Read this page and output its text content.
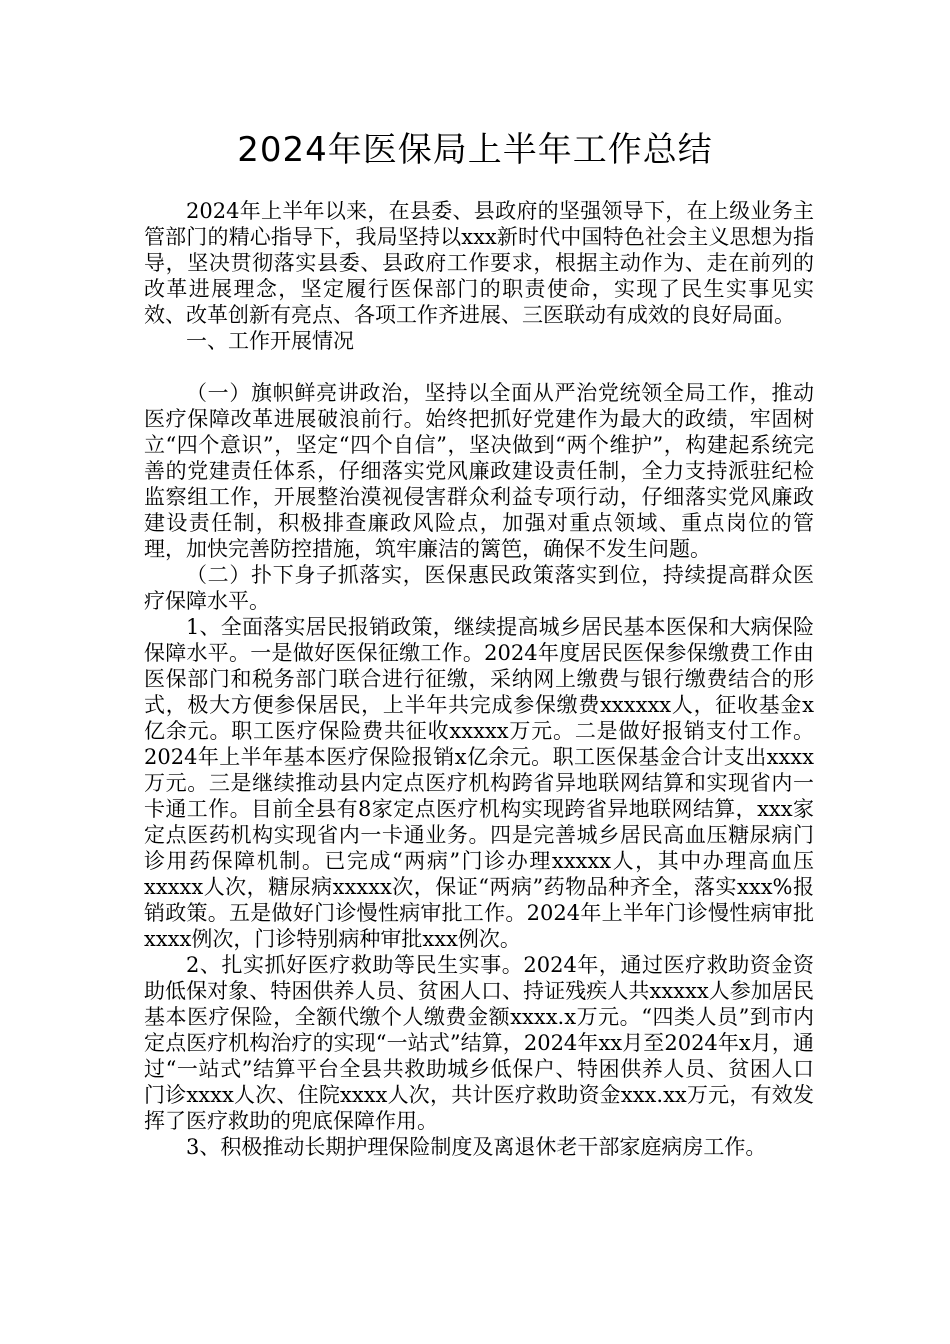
2024年医保局上半年工作总结

2024年上半年以来，在县委、县政府的坚强领导下，在上级业务主管部门的精心指导下，我局坚持以xxx新时代中国特色社会主义思想为指导，坚决贯彻落实县委、县政府工作要求，根据主动作为、走在前列的改革进展理念，坚定履行医保部门的职责使命，实现了民生实事见实效、改革创新有亮点、各项工作齐进展、三医联动有成效的良好局面。

一、工作开展情况

（一）旗帜鲜亮讲政治，坚持以全面从严治党统领全局工作，推动医疗保障改革进展破浪前行。始终把抓好党建作为最大的政绩，牢固树立“四个意识”，坚定“四个自信”，坚决做到“两个维护”，构建起系统完善的党建责任体系，仔细落实党风廉政建设责任制，全力支持派驻纪检监察组工作，开展整治漠视侵害群众利益专项行动，仔细落实党风廉政建设责任制，积极排查廉政风险点，加强对重点领域、重点岗位的管理，加快完善防控措施，筑牢廉洁的篱笆，确保不发生问题。

（二）扑下身子抓落实，医保惠民政策落实到位，持续提高群众医疗保障水平。

1、全面落实居民报销政策，继续提高城乡居民基本医保和大病保险保障水平。一是做好医保征缴工作。2024年度居民医保参保缴费工作由医保部门和税务部门联合进行征缴，采纳网上缴费与银行缴费结合的形式，极大方便参保居民，上半年共完成参保缴费xxxxxx人，征收基金x亿余元。职工医疗保险费共征收xxxxx万元。二是做好报销支付工作。2024年上半年基本医疗保险报销x亿余元。职工医保基金合计支出xxxx万元。三是继续推动县内定点医疗机构跨省异地联网结算和实现省内一卡通工作。目前全县有8家定点医疗机构实现跨省异地联网结算，xxx家定点医药机构实现省内一卡通业务。四是完善城乡居民高血压糖尿病门诊用药保障机制。已完成“两病”门诊办理xxxxx人，其中办理高血压xxxxx人次，糖尿病xxxxx次，保证“两病”药物品种齐全，落实xxx%报销政策。五是做好门诊慢性病审批工作。2024年上半年门诊慢性病审批xxxx例次，门诊特别病种审批xxx例次。

2、扎实抓好医疗救助等民生实事。2024年，通过医疗救助资金资助低保对象、特困供养人员、贫困人口、持证残疾人共xxxxx人参加居民基本医疗保险，全额代缴个人缴费金额xxxx.x万元。“四类人员”到市内定点医疗机构治疗的实现“一站式”结算，2024年xx月至2024年x月，通过“一站式”结算平台全县共救助城乡低保户、特困供养人员、贫困人口门诊xxxx人次、住院xxxx人次，共计医疗救助资金xxx.xx万元，有效发挥了医疗救助的兜底保障作用。

3、积极推动长期护理保险制度及离退休老干部家庭病房工作。
